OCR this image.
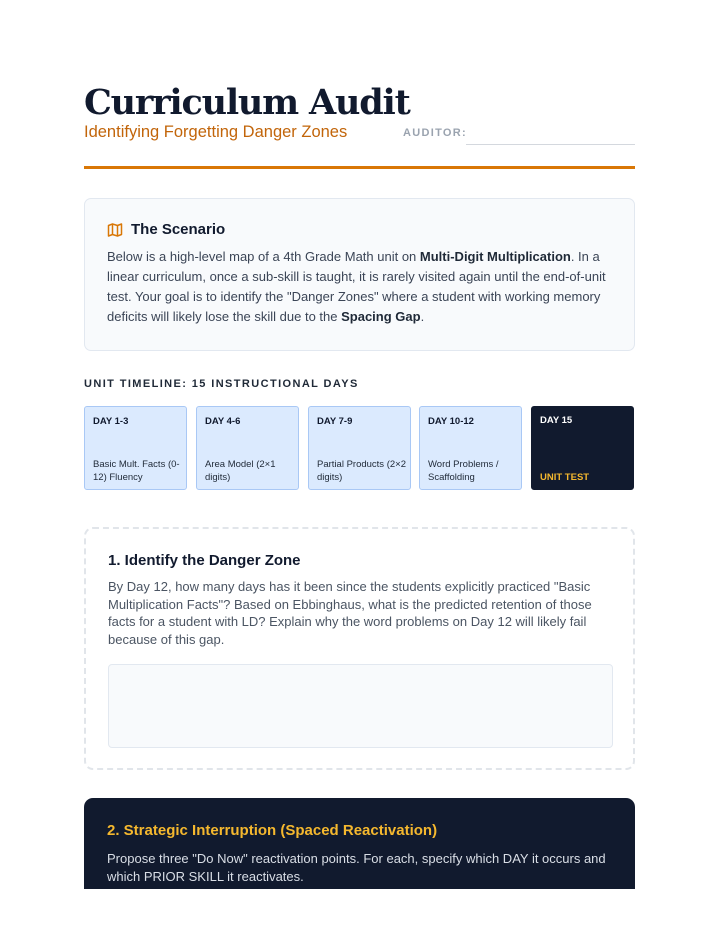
Curriculum Audit
Identifying Forgetting Danger Zones	AUDITOR:
The Scenario

Below is a high-level map of a 4th Grade Math unit on Multi-Digit Multiplication. In a linear curriculum, once a sub-skill is taught, it is rarely visited again until the end-of-unit test. Your goal is to identify the "Danger Zones" where a student with working memory deficits will likely lose the skill due to the Spacing Gap.

UNIT TIMELINE: 15 INSTRUCTIONAL DAYS
DAY 1-3
Basic Mult. Facts (0-12) Fluency
DAY 4-6
Area Model (2×1 digits)
DAY 7-9
Partial Products (2×2 digits)
DAY 10-12
Word Problems / Scaffolding
DAY 15
UNIT TEST
1. Identify the Danger Zone
By Day 12, how many days has it been since the students explicitly practiced "Basic Multiplication Facts"? Based on Ebbinghaus, what is the predicted retention of those facts for a student with LD? Explain why the word problems on Day 12 will likely fail because of this gap.
2. Strategic Interruption (Spaced Reactivation)
Propose three "Do Now" reactivation points. For each, specify which DAY it occurs and which PRIOR SKILL it reactivates.
